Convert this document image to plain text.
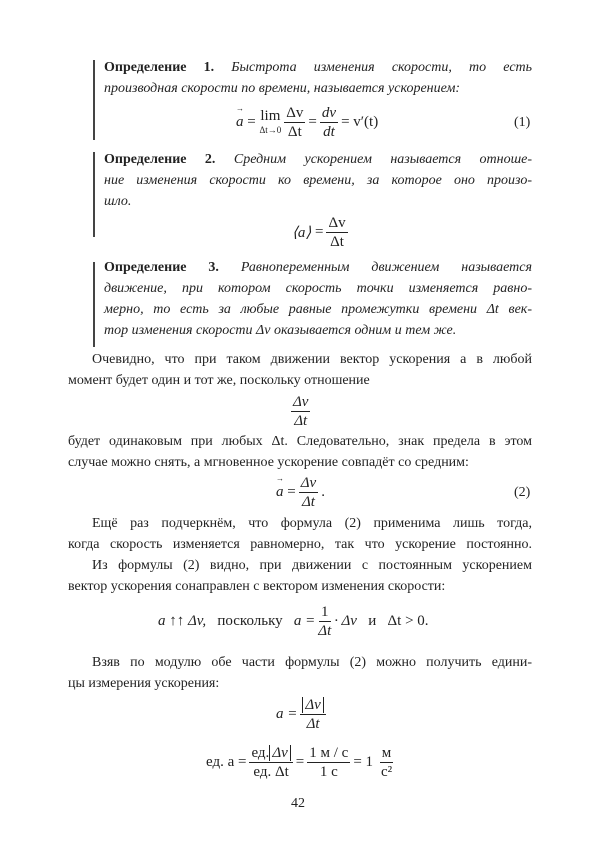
Определение 1. Быстрота изменения скорости, то есть
производная скорости по времени, называется ускорением:
→ a
=
lim
$\Delta t\to 0 \frac{\Delta v}{\Delta t} = \frac{dv}{dt} = v'(t)$	(1)
Определение 2. Средним ускорением называется отноше-
ние изменения скорости ко времени, за которое оно произо-
шло.
⟨a⟩
= $\frac{\Delta v}{\Delta t}$
Определение 3. Равнопеременным движением называется
движение, при котором скорость точки изменяется равно-
мерно, то есть за любые равные промежутки времени Δt век-
тор изменения скорости Δv оказывается одним и тем же.
Очевидно, что при таком движении вектор ускорения a в любой
момент будет один и тот же, поскольку отношение
$\frac{\Delta v}{\Delta t}$
будет одинаковым при любых Δt. Следовательно, знак предела в этом
случае можно снять, а мгновенное ускорение совпадёт со средним:
→ a
= $\frac{\Delta v}{\Delta t}$ .	(2)
Ещё раз подчеркнём, что формула (2) применима лишь тогда,
когда скорость изменяется равномерно, так что ускорение постоянно.
Из формулы (2) видно, при движении с постоянным ускорением
вектор ускорения сонаправлен с вектором изменения скорости:
a ↑↑ Δv,
поскольку
$a = \frac{1}{\Delta t} \cdot \Delta v$
и
Δt > 0.
Взяв по модулю обе части формулы (2) можно получить едини-
цы измерения ускорения:
$a = \frac{\Delta v}{\Delta t}$
ед. a =
ед. Δv
ед. Δt
=
1 м / с
1 с
= 1

м
с²
42
